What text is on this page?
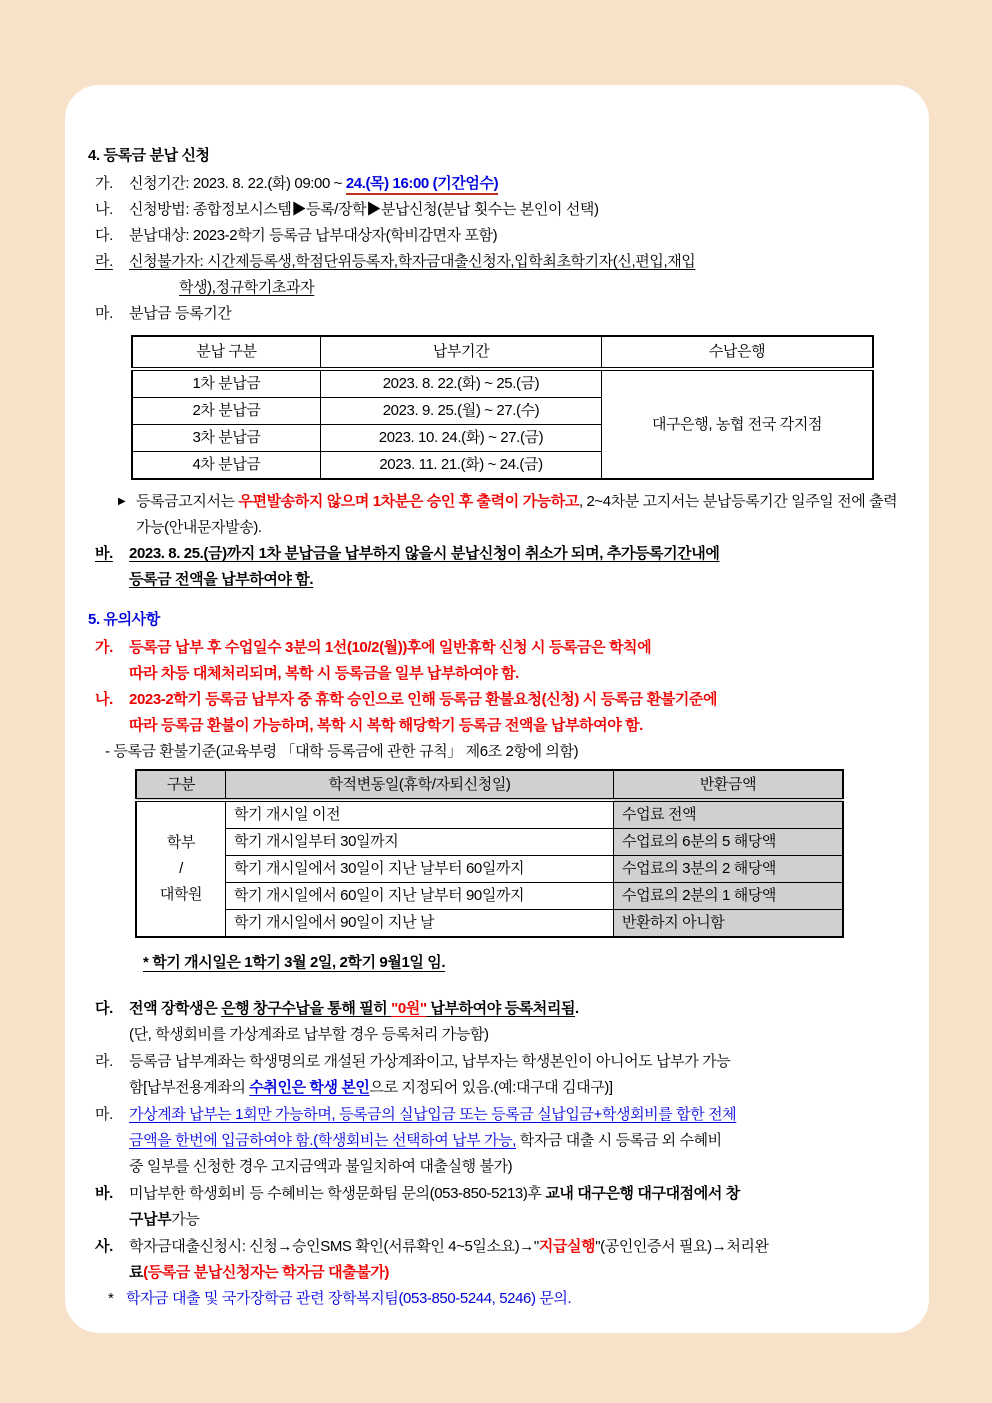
4. 등록금 분납 신청
가.	신청기간: 2023. 8. 22.(화) 09:00 ~ 24.(목) 16:00 (기간엄수)
나.	신청방법: 종합정보시스템▶등록/장학▶분납신청(분납 횟수는 본인이 선택)
다.	분납대상: 2023-2학기 등록금 납부대상자(학비감면자 포함)
라.	신청불가자: 시간제등록생,학점단위등록자,학자금대출신청자,입학최초학기자(신,편입,재입
학생),정규학기초과자
마.	분납금 등록기간
분납 구분	납부기간	수납은행
1차 분납금	2023. 8. 22.(화) ~ 25.(금)	대구은행, 농협 전국 각지점
2차 분납금	2023. 9. 25.(월) ~ 27.(수)	
3차 분납금	2023. 10. 24.(화) ~ 27.(금)	
4차 분납금	2023. 11. 21.(화) ~ 24.(금)	
▶ 등록금고지서는 우편발송하지 않으며 1차분은 승인 후 출력이 가능하고, 2~4차분 고지서는 분납등록기간 일주일 전에 출력 가능(안내문자발송).
바.	2023. 8. 25.(금)까지 1차 분납금을 납부하지 않을시 분납신청이 취소가 되며, 추가등록기간내에
등록금 전액을 납부하여야 함.
5. 유의사항
가.	등록금 납부 후 수업일수 3분의 1선(10/2(월))후에 일반휴학 신청 시 등록금은 학칙에
따라 차등 대체처리되며, 복학 시 등록금을 일부 납부하여야 함.
나.	2023-2학기 등록금 납부자 중 휴학 승인으로 인해 등록금 환불요청(신청) 시 등록금 환불기준에
따라 등록금 환불이 가능하며, 복학 시 복학 해당학기 등록금 전액을 납부하여야 함.
- 등록금 환불기준(교육부령 「대학 등록금에 관한 규칙」 제6조 2항에 의함)
구분	학적변동일(휴학/자퇴신청일)	반환금액

학부
/
대학원	학기 개시일 이전	수업료 전액
	학기 개시일부터 30일까지	수업료의 6분의 5 해당액
	학기 개시일에서 30일이 지난 날부터 60일까지	수업료의 3분의 2 해당액
	학기 개시일에서 60일이 지난 날부터 90일까지	수업료의 2분의 1 해당액
	학기 개시일에서 90일이 지난 날	반환하지 아니함
* 학기 개시일은 1학기 3월 2일, 2학기 9월1일 임.
다.	전액 장학생은 은행 창구수납을 통해 필히 "0원" 납부하여야 등록처리됨.
(단, 학생회비를 가상계좌로 납부할 경우 등록처리 가능함)
라.	등록금 납부계좌는 학생명의로 개설된 가상계좌이고, 납부자는 학생본인이 아니어도 납부가 가능
함[납부전용계좌의 수취인은 학생 본인으로 지정되어 있음.(예:대구대 김대구)]
마.	가상계좌 납부는 1회만 가능하며, 등록금의 실납입금 또는 등록금 실납입금+학생회비를 합한 전체
금액을 한번에 입금하여야 함.(학생회비는 선택하여 납부 가능, 학자금 대출 시 등록금 외 수혜비
중 일부를 신청한 경우 고지금액과 불일치하여 대출실행 불가)
바.	미납부한 학생회비 등 수혜비는 학생문화팀 문의(053-850-5213)후 교내 대구은행 대구대점에서 창
구납부가능
사.	학자금대출신청시: 신청→승인SMS 확인(서류확인 4~5일소요)→"지급실행"(공인인증서 필요)→처리완
료(등록금 분납신청자는 학자금 대출불가)
* 학자금 대출 및 국가장학금 관련 장학복지팀(053-850-5244, 5246) 문의.
